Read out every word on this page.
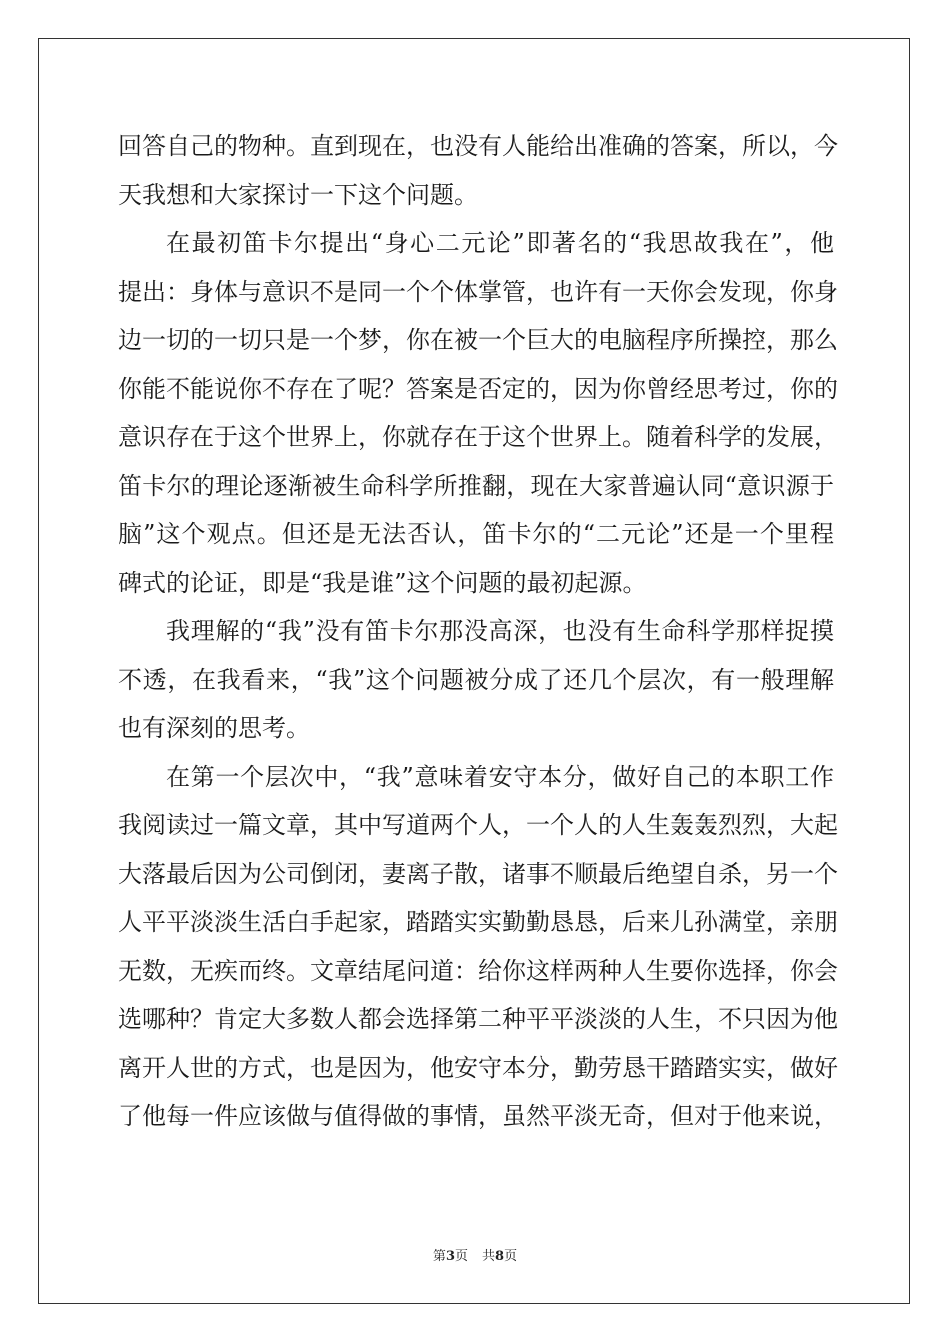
回答自己的物种。直到现在，也没有人能给出准确的答案，所以，今
天我想和大家探讨一下这个问题。
在最初笛卡尔提出“身心二元论”即著名的“我思故我在”，他
提出：身体与意识不是同一个个体掌管，也许有一天你会发现，你身
边一切的一切只是一个梦，你在被一个巨大的电脑程序所操控，那么
你能不能说你不存在了呢？答案是否定的，因为你曾经思考过，你的
意识存在于这个世界上，你就存在于这个世界上。随着科学的发展，
笛卡尔的理论逐渐被生命科学所推翻，现在大家普遍认同“意识源于
脑”这个观点。但还是无法否认，笛卡尔的“二元论”还是一个里程
碑式的论证，即是“我是谁”这个问题的最初起源。
我理解的“我”没有笛卡尔那没高深，也没有生命科学那样捉摸
不透，在我看来，“我”这个问题被分成了还几个层次，有一般理解
也有深刻的思考。
在第一个层次中，“我”意味着安守本分，做好自己的本职工作
我阅读过一篇文章，其中写道两个人，一个人的人生轰轰烈烈，大起
大落最后因为公司倒闭，妻离子散，诸事不顺最后绝望自杀，另一个
人平平淡淡生活白手起家，踏踏实实勤勤恳恳，后来儿孙满堂，亲朋
无数，无疾而终。文章结尾问道：给你这样两种人生要你选择，你会
选哪种？肯定大多数人都会选择第二种平平淡淡的人生，不只因为他
离开人世的方式，也是因为，他安守本分，勤劳恳干踏踏实实，做好
了他每一件应该做与值得做的事情，虽然平淡无奇，但对于他来说，
第3页 共8页
